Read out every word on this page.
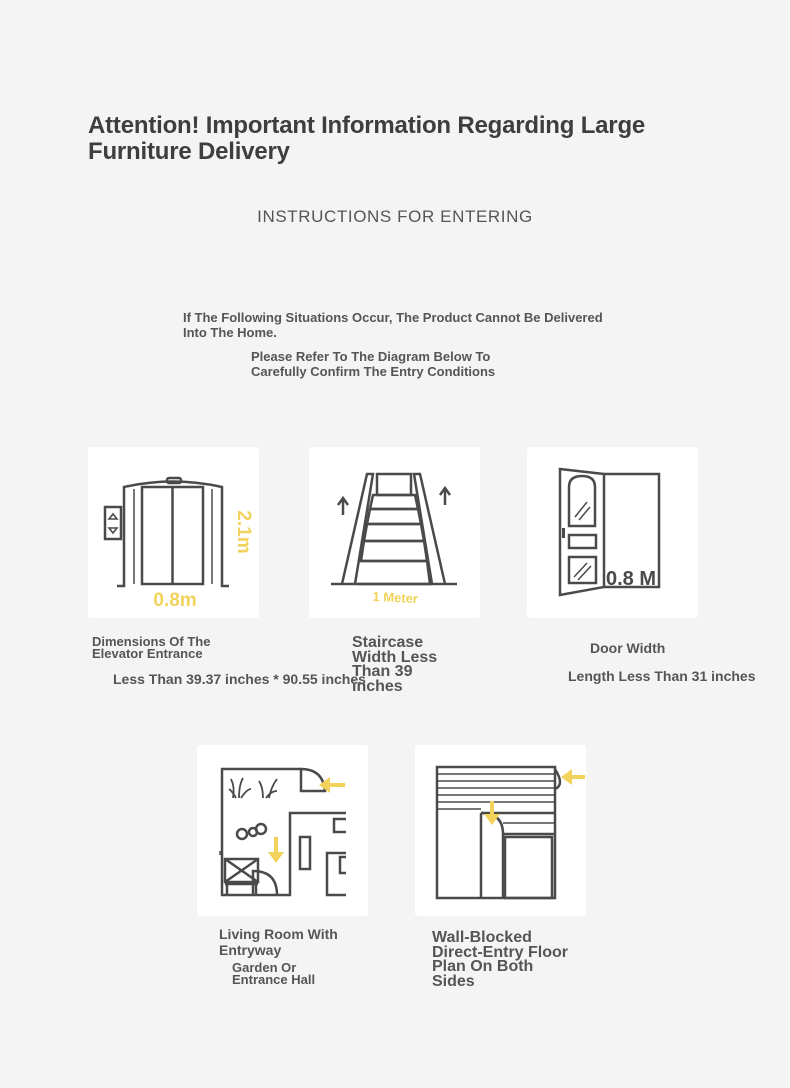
Attention! Important Information Regarding Large Furniture Delivery
INSTRUCTIONS FOR ENTERING
If The Following Situations Occur, The Product Cannot Be Delivered Into The Home.
Please Refer To The Diagram Below To Carefully Confirm The Entry Conditions
2.1m
0.8m
Dimensions Of The Elevator Entrance
Less Than 39.37 inches * 90.55 inches
1 Meter
Staircase Width Less Than 39 inches
0.8 M
Door Width
Length Less Than 31 inches
Living Room With Entryway
Garden Or Entrance Hall
Wall-Blocked Direct-Entry Floor Plan On Both Sides
